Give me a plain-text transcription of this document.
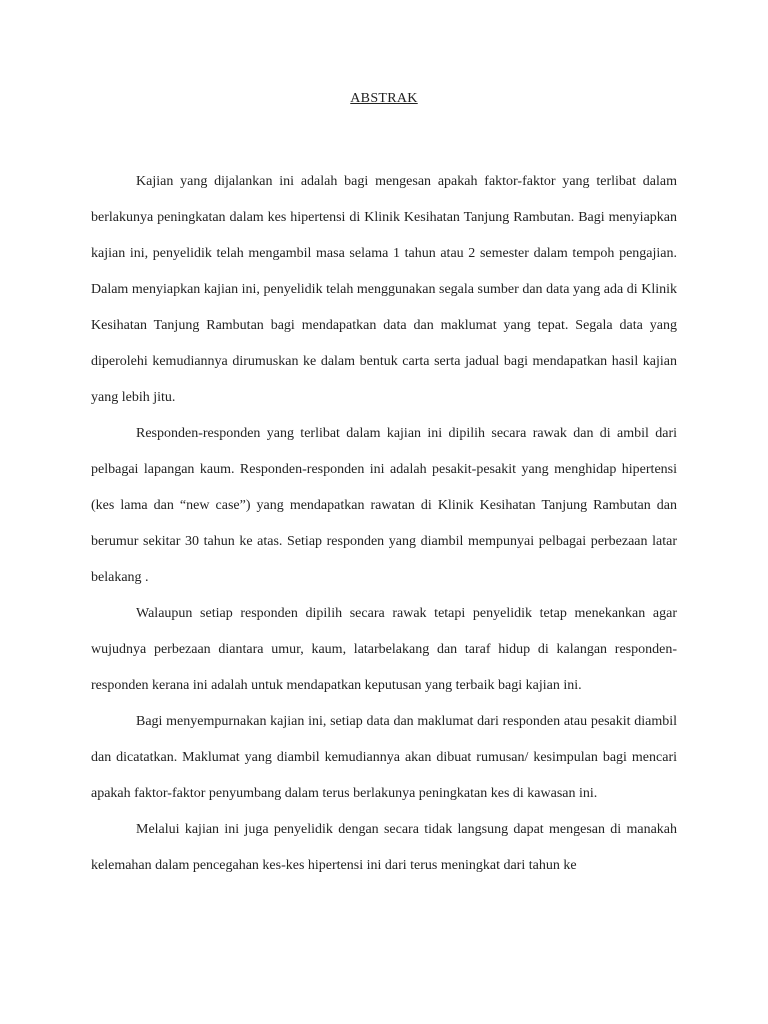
ABSTRAK

Kajian yang dijalankan ini adalah bagi mengesan apakah faktor-faktor yang terlibat dalam berlakunya peningkatan dalam kes hipertensi di Klinik Kesihatan Tanjung Rambutan. Bagi menyiapkan kajian ini, penyelidik telah mengambil masa selama 1 tahun atau 2 semester dalam tempoh pengajian. Dalam menyiapkan kajian ini, penyelidik telah menggunakan segala sumber dan data yang ada di Klinik Kesihatan Tanjung Rambutan bagi mendapatkan data dan maklumat yang tepat. Segala data yang diperolehi kemudiannya dirumuskan ke dalam bentuk carta serta jadual bagi mendapatkan hasil kajian yang lebih jitu.

Responden-responden yang terlibat dalam kajian ini dipilih secara rawak dan di ambil dari pelbagai lapangan kaum. Responden-responden ini adalah pesakit-pesakit yang menghidap hipertensi (kes lama dan “new case”) yang mendapatkan rawatan di Klinik Kesihatan Tanjung Rambutan dan berumur sekitar 30 tahun ke atas. Setiap responden yang diambil mempunyai pelbagai perbezaan latar belakang .

Walaupun setiap responden dipilih secara rawak tetapi penyelidik tetap menekankan agar wujudnya perbezaan diantara umur, kaum, latarbelakang dan taraf hidup di kalangan responden-responden kerana ini adalah untuk mendapatkan keputusan yang terbaik bagi kajian ini.

Bagi menyempurnakan kajian ini, setiap data dan maklumat dari responden atau pesakit diambil dan dicatatkan. Maklumat yang diambil kemudiannya akan dibuat rumusan/ kesimpulan bagi mencari apakah faktor-faktor penyumbang dalam terus berlakunya peningkatan kes di kawasan ini.

Melalui kajian ini juga penyelidik dengan secara tidak langsung dapat mengesan di manakah kelemahan dalam pencegahan kes-kes hipertensi ini dari terus meningkat dari tahun ke
